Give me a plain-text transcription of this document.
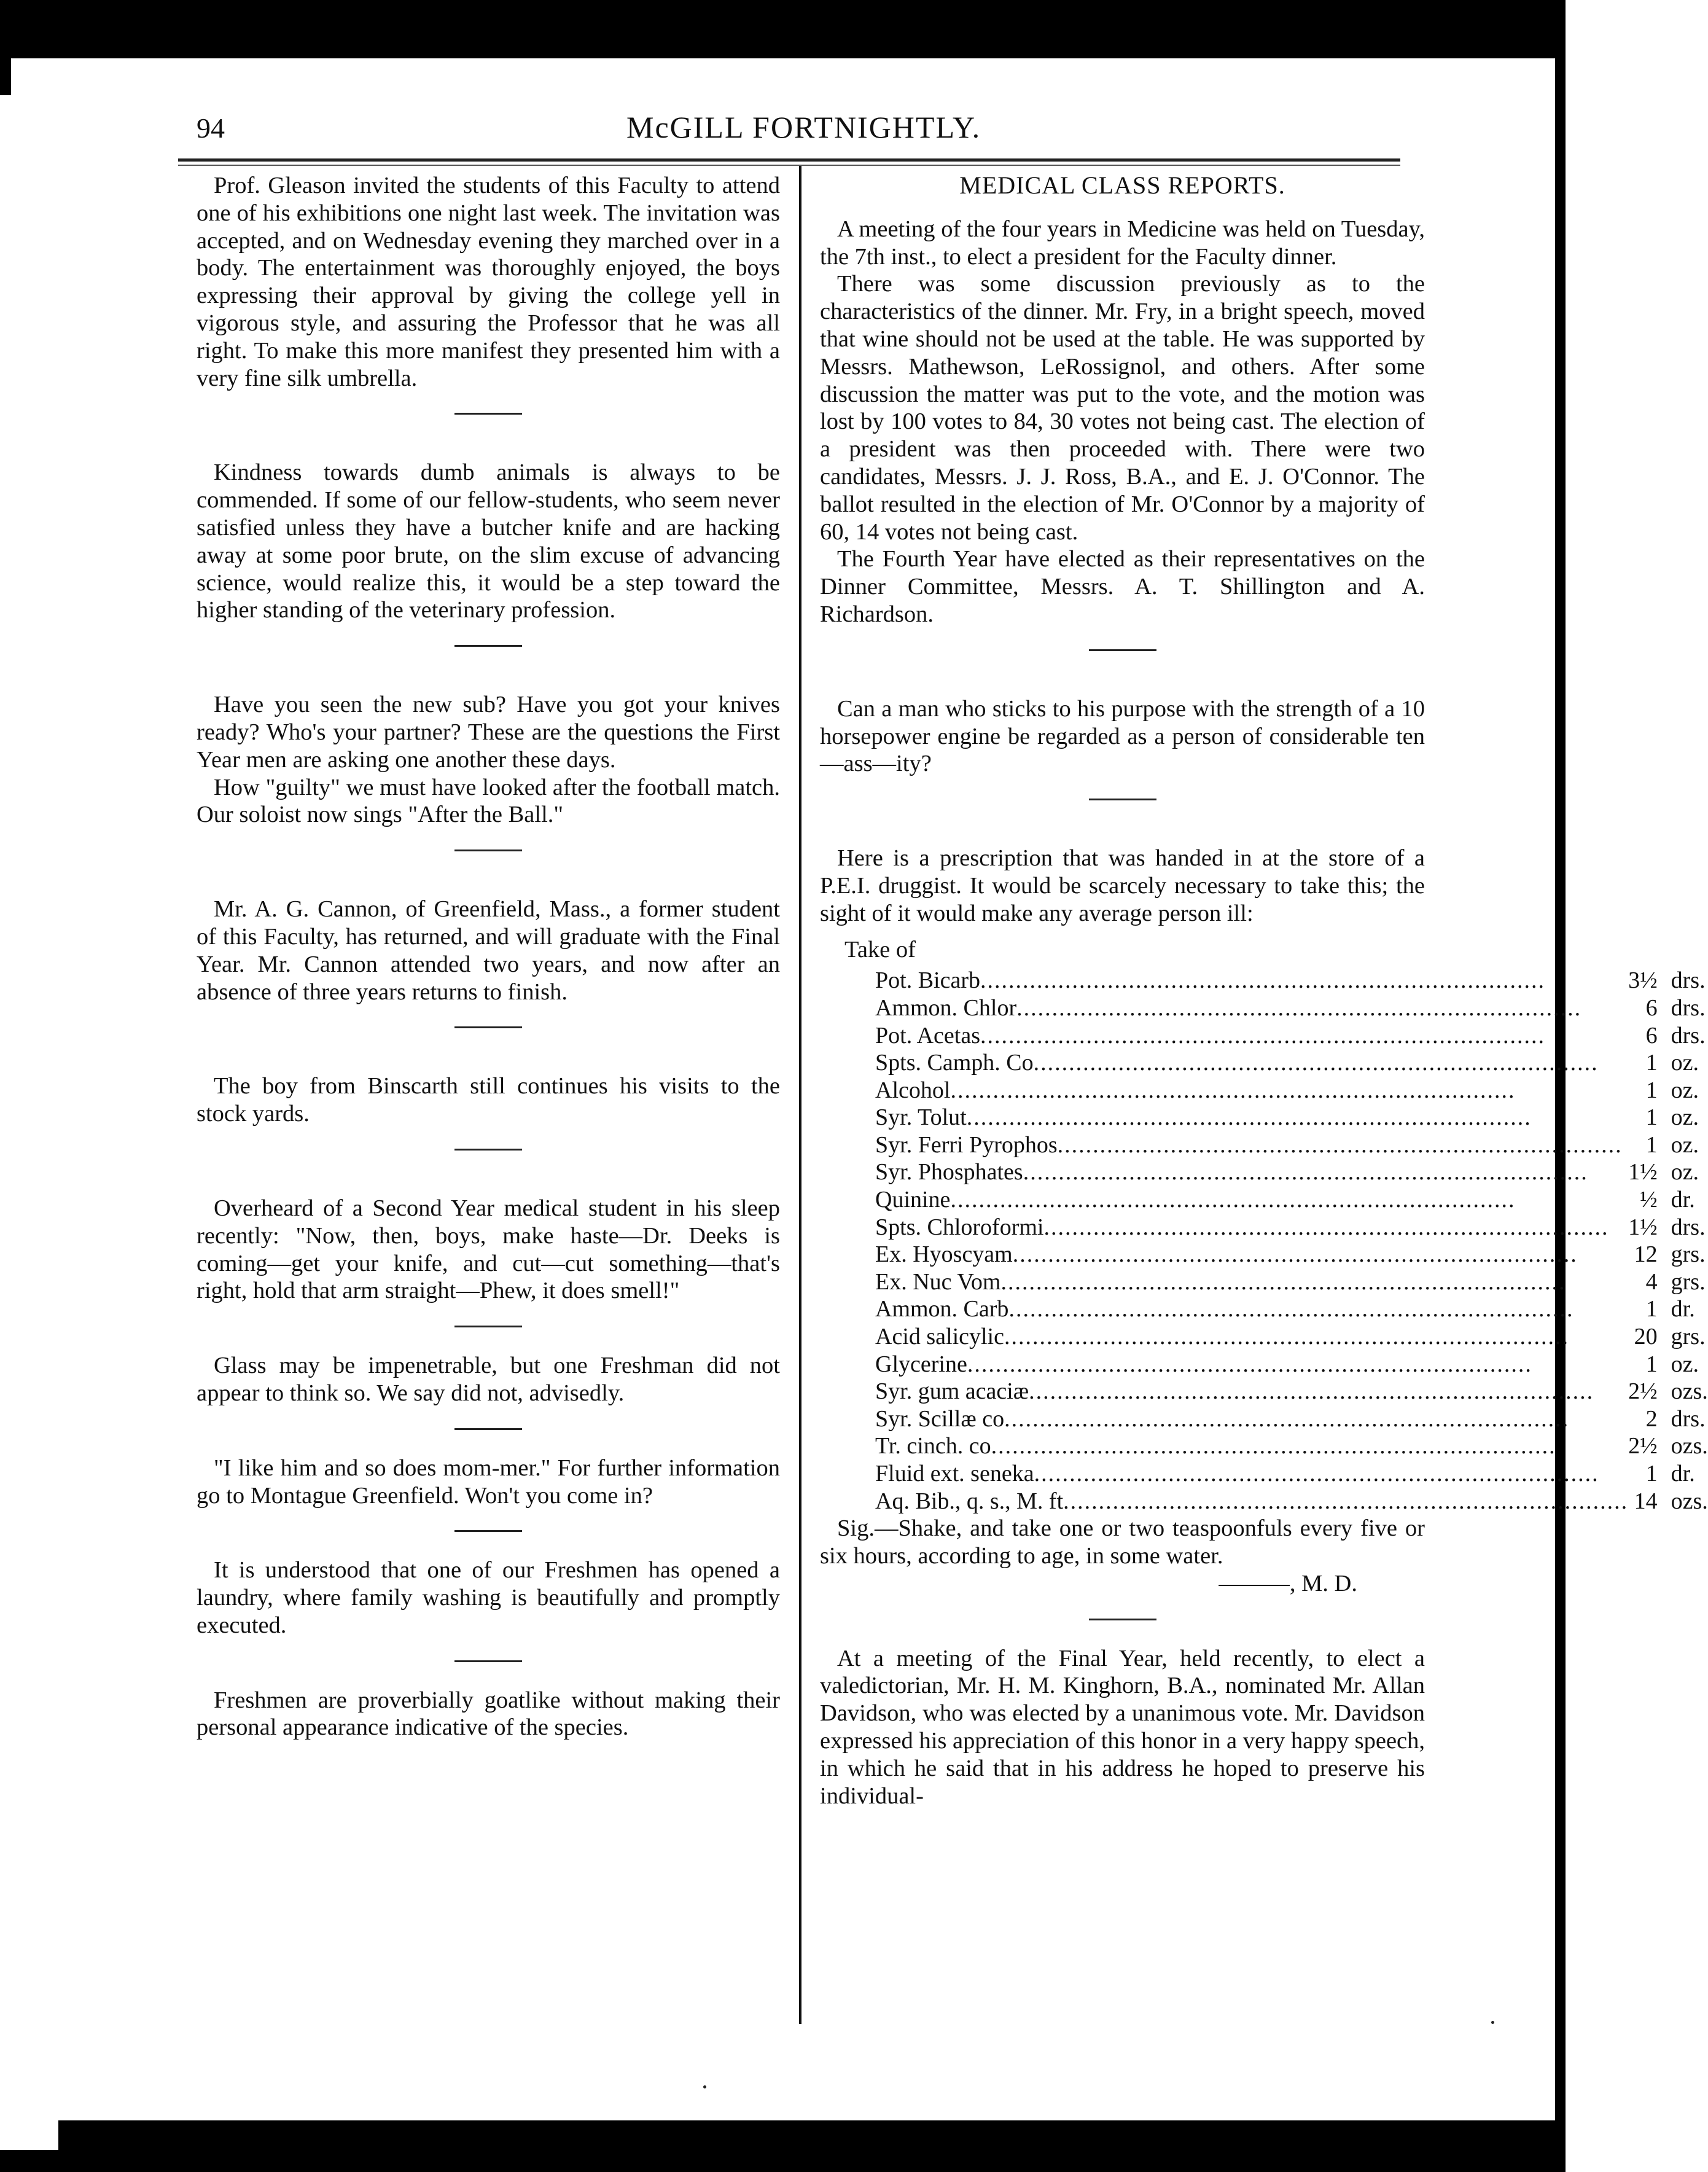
94	McGILL FORTNIGHTLY.

Prof. Gleason invited the students of this Faculty to attend one of his exhibitions one night last week. The invitation was accepted, and on Wednesday evening they marched over in a body. The entertainment was thoroughly enjoyed, the boys expressing their approval by giving the college yell in vigorous style, and assuring the Professor that he was all right. To make this more manifest they presented him with a very fine silk umbrella.

Kindness towards dumb animals is always to be commended. If some of our fellow-students, who seem never satisfied unless they have a butcher knife and are hacking away at some poor brute, on the slim excuse of advancing science, would realize this, it would be a step toward the higher standing of the veterinary profession.

Have you seen the new sub? Have you got your knives ready? Who's your partner? These are the questions the First Year men are asking one another these days.

How "guilty" we must have looked after the football match. Our soloist now sings "After the Ball."

Mr. A. G. Cannon, of Greenfield, Mass., a former student of this Faculty, has returned, and will graduate with the Final Year. Mr. Cannon attended two years, and now after an absence of three years returns to finish.

The boy from Binscarth still continues his visits to the stock yards.

Overheard of a Second Year medical student in his sleep recently: "Now, then, boys, make haste—Dr. Deeks is coming—get your knife, and cut—cut something—that's right, hold that arm straight—Phew, it does smell!"

Glass may be impenetrable, but one Freshman did not appear to think so. We say did not, advisedly.

"I like him and so does mom-mer." For further information go to Montague Greenfield. Won't you come in?

It is understood that one of our Freshmen has opened a laundry, where family washing is beautifully and promptly executed.

Freshmen are proverbially goatlike without making their personal appearance indicative of the species.

MEDICAL CLASS REPORTS.

A meeting of the four years in Medicine was held on Tuesday, the 7th inst., to elect a president for the Faculty dinner.

There was some discussion previously as to the characteristics of the dinner. Mr. Fry, in a bright speech, moved that wine should not be used at the table. He was supported by Messrs. Mathewson, LeRossignol, and others. After some discussion the matter was put to the vote, and the motion was lost by 100 votes to 84, 30 votes not being cast. The election of a president was then proceeded with. There were two candidates, Messrs. J. J. Ross, B.A., and E. J. O'Connor. The ballot resulted in the election of Mr. O'Connor by a majority of 60, 14 votes not being cast.

The Fourth Year have elected as their representatives on the Dinner Committee, Messrs. A. T. Shillington and A. Richardson.

Can a man who sticks to his purpose with the strength of a 10 horsepower engine be regarded as a person of considerable ten—ass—ity?

Here is a prescription that was handed in at the store of a P.E.I. druggist. It would be scarcely necessary to take this; the sight of it would make any average person ill:

Take of
Pot. Bicarb................................................................................	3½	drs.
Ammon. Chlor................................................................................	6	drs.
Pot. Acetas................................................................................	6	drs.
Spts. Camph. Co................................................................................	1	oz.
Alcohol................................................................................	1	oz.
Syr. Tolut................................................................................	1	oz.
Syr. Ferri Pyrophos................................................................................	1	oz.
Syr. Phosphates................................................................................	1½	oz.
Quinine................................................................................	½	dr.
Spts. Chloroformi................................................................................	1½	drs.
Ex. Hyoscyam................................................................................	12	grs.
Ex. Nuc Vom................................................................................	4	grs.
Ammon. Carb................................................................................	1	dr.
Acid salicylic................................................................................	20	grs.
Glycerine................................................................................	1	oz.
Syr. gum acaciæ................................................................................	2½	ozs.
Syr. Scillæ co................................................................................	2	drs.
Tr. cinch. co................................................................................	2½	ozs.
Fluid ext. seneka................................................................................	1	dr.
Aq. Bib., q. s., M. ft................................................................................	14	ozs.

Sig.—Shake, and take one or two teaspoonfuls every five or six hours, according to age, in some water.

———, M. D.

At a meeting of the Final Year, held recently, to elect a valedictorian, Mr. H. M. Kinghorn, B.A., nominated Mr. Allan Davidson, who was elected by a unanimous vote. Mr. Davidson expressed his appreciation of this honor in a very happy speech, in which he said that in his address he hoped to preserve his individual-
